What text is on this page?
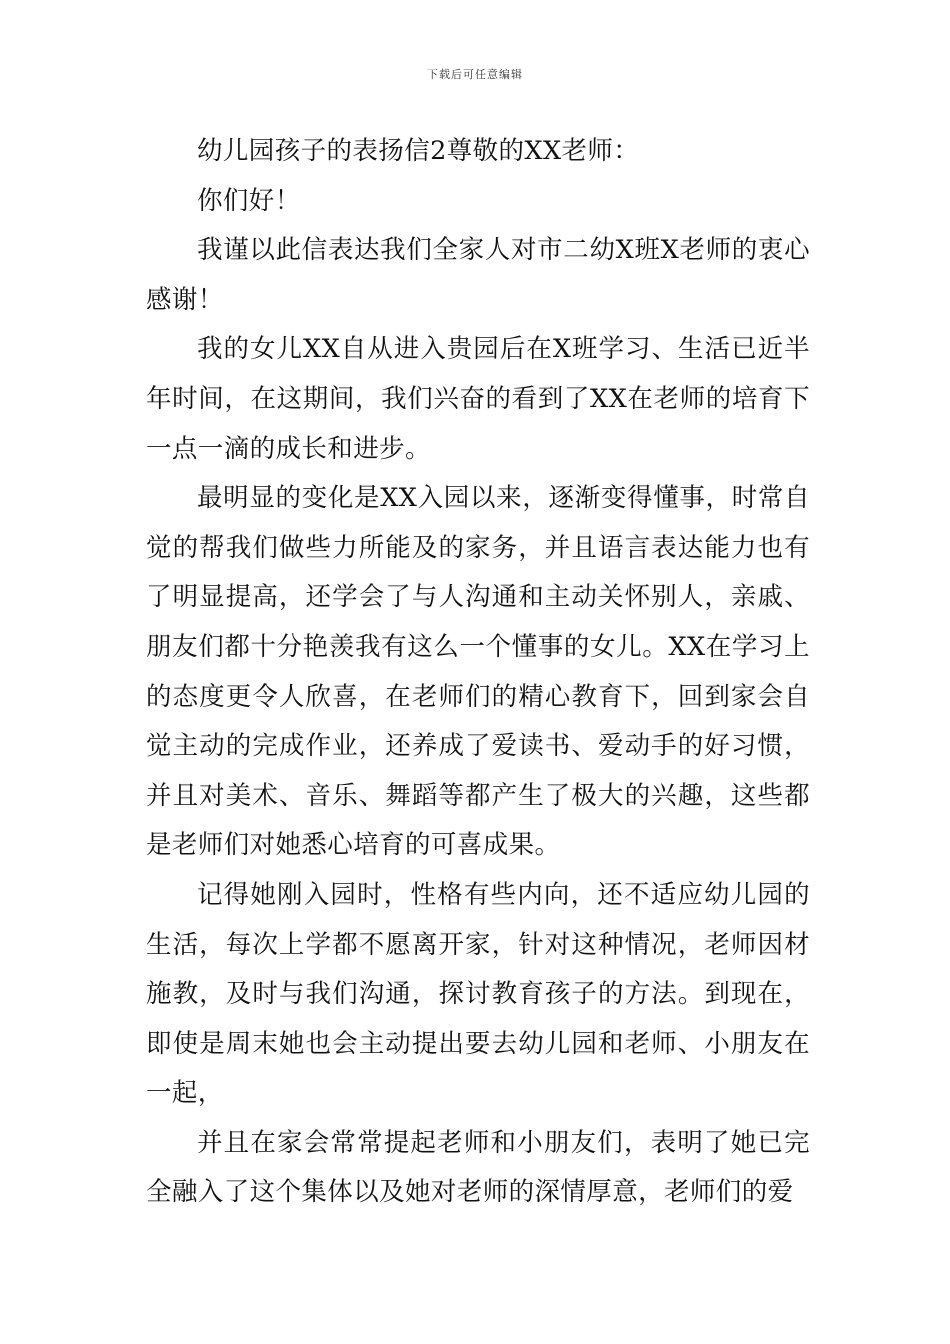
下载后可任意编辑

幼儿园孩子的表扬信2尊敬的XX老师：

你们好！

我谨以此信表达我们全家人对市二幼X班X老师的衷心感谢！

我的女儿XX自从进入贵园后在X班学习、生活已近半年时间，在这期间，我们兴奋的看到了XX在老师的培育下一点一滴的成长和进步。

最明显的变化是XX入园以来，逐渐变得懂事，时常自觉的帮我们做些力所能及的家务，并且语言表达能力也有了明显提高，还学会了与人沟通和主动关怀别人，亲戚、朋友们都十分艳羡我有这么一个懂事的女儿。XX在学习上的态度更令人欣喜，在老师们的精心教育下，回到家会自觉主动的完成作业，还养成了爱读书、爱动手的好习惯，并且对美术、音乐、舞蹈等都产生了极大的兴趣，这些都是老师们对她悉心培育的可喜成果。

记得她刚入园时，性格有些内向，还不适应幼儿园的生活，每次上学都不愿离开家，针对这种情况，老师因材施教，及时与我们沟通，探讨教育孩子的方法。到现在，即使是周末她也会主动提出要去幼儿园和老师、小朋友在一起，

并且在家会常常提起老师和小朋友们，表明了她已完全融入了这个集体以及她对老师的深情厚意，老师们的爱
